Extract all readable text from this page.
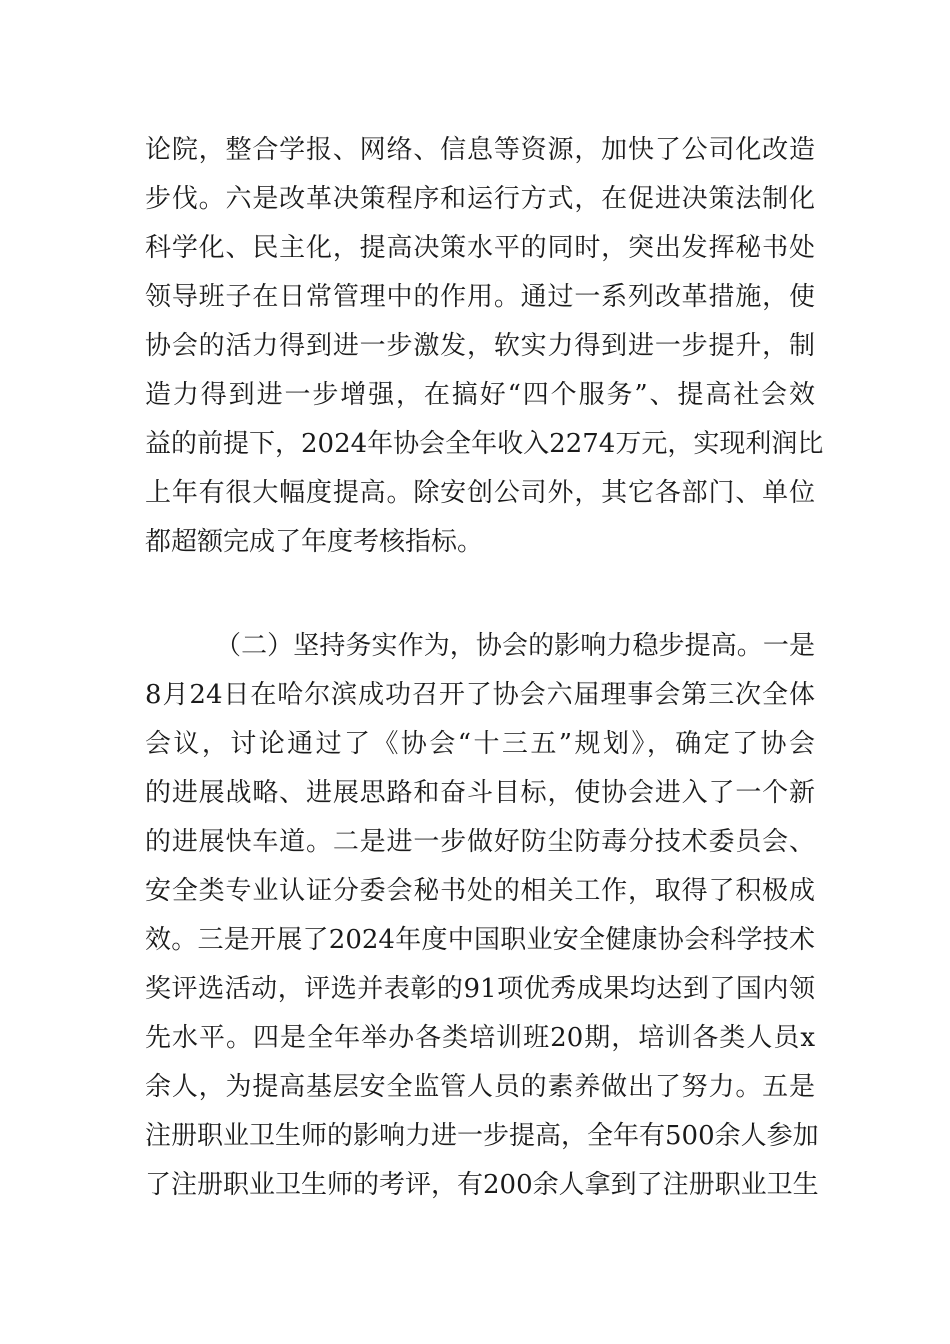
论院，整合学报、网络、信息等资源，加快了公司化改造
步伐。六是改革决策程序和运行方式，在促进决策法制化
科学化、民主化，提高决策水平的同时，突出发挥秘书处
领导班子在日常管理中的作用。通过一系列改革措施，使
协会的活力得到进一步激发，软实力得到进一步提升，制
造力得到进一步增强，在搞好“四个服务”、提高社会效
益的前提下，2024年协会全年收入2274万元，实现利润比
上年有很大幅度提高。除安创公司外，其它各部门、单位
都超额完成了年度考核指标。
（二）坚持务实作为，协会的影响力稳步提高。一是
8月24日在哈尔滨成功召开了协会六届理事会第三次全体
会议，讨论通过了《协会“十三五”规划》，确定了协会
的进展战略、进展思路和奋斗目标，使协会进入了一个新
的进展快车道。二是进一步做好防尘防毒分技术委员会、
安全类专业认证分委会秘书处的相关工作，取得了积极成
效。三是开展了2024年度中国职业安全健康协会科学技术
奖评选活动，评选并表彰的91项优秀成果均达到了国内领
先水平。四是全年举办各类培训班20期，培训各类人员x
余人，为提高基层安全监管人员的素养做出了努力。五是
注册职业卫生师的影响力进一步提高，全年有500余人参加
了注册职业卫生师的考评，有200余人拿到了注册职业卫生
